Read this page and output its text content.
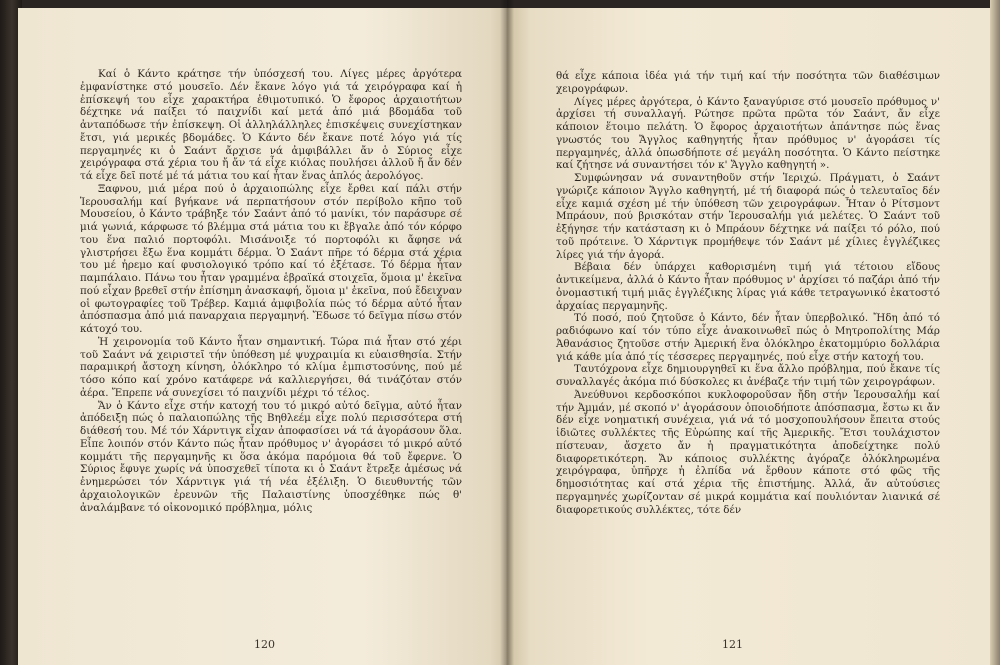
Καί ὁ Κάντο κράτησε τήν ὑπόσχεσή του. Λίγες μέρες ἀργότερα ἐμφανίστηκε στό μουσεῖο. Δέν ἔκανε λόγο γιά τά χειρόγραφα καί ἡ ἐπίσκεψή του εἶχε χαρακτήρα ἐθιμοτυπικό. Ὁ ἔφορος ἀρχαιοτήτων δέχτηκε νά παίξει τό παιχνίδι καί μετά ἀπό μιά βδομάδα τοῦ ἀνταπόδωσε τήν ἐπίσκεψη. Οἱ ἀλληλάλληλες ἐπισκέψεις συνεχίστηκαν ἔτσι, γιά μερικές βδομάδες. Ὁ Κάντο δέν ἔκανε ποτέ λόγο γιά τίς περγαμηνές κι ὁ Σαάντ ἄρχισε νά ἀμφιβάλλει ἄν ὁ Σύριος εἶχε χειρόγραφα στά χέρια του ἤ ἄν τά εἶχε κιόλας πουλήσει ἀλλοῦ ἤ ἄν δέν τά εἶχε δεῖ ποτέ μέ τά μάτια του καί ἦταν ἕνας ἁπλός ἀερολόγος.

Ξαφνου, μιά μέρα πού ὁ ἀρχαιοπώλης εἶχε ἔρθει καί πάλι στήν Ἱερουσαλήμ καί βγήκανε νά περπατήσουν στόν περίβολο κῆπο τοῦ Μουσείου, ὁ Κάντο τράβηξε τόν Σαάντ ἀπό τό μανίκι, τόν παράσυρε σέ μιά γωνιά, κάρφωσε τό βλέμμα στά μάτια του κι ἔβγαλε ἀπό τόν κόρφο του ἕνα παλιό πορτοφόλι. Μισάνοιξε τό πορτοφόλι κι ἄφησε νά γλιστρήσει ἔξω ἕνα κομμάτι δέρμα. Ὁ Σαάντ πῆρε τό δέρμα στά χέρια του μέ ἠρεμο καί φυσιολογικό τρόπο καί τό ἐξέτασε. Τό δέρμα ἦταν παμπάλαιο. Πάνω του ἦταν γραμμένα ἑβραϊκά στοιχεῖα, ὅμοια μ' ἐκεῖνα πού εἶχαν βρεθεῖ στήν ἐπίσημη ἀνασκαφή, ὅμοια μ' ἐκεῖνα, πού ἔδειχναν οἱ φωτογραφίες τοῦ Τρέβερ. Καμιά ἀμφιβολία πώς τό δέρμα αὐτό ἦταν ἀπόσπασμα ἀπό μιά παναρχαια περγαμηνή. Ἔδωσε τό δεῖγμα πίσω στόν κάτοχό του.

Ἡ χειρονομία τοῦ Κάντο ἦταν σημαντική. Τώρα πιά ἦταν στό χέρι τοῦ Σαάντ νά χειριστεῖ τήν ὑπόθεση μέ ψυχραιμία κι εὐαισθησία. Στήν παραμικρή ἄστοχη κίνηση, ὁλόκληρο τό κλίμα ἐμπιστοσύνης, πού μέ τόσο κόπο καί χρόνο κατάφερε νά καλλιεργήσει, θά τινάζόταν στόν ἀέρα. Ἔπρεπε νά συνεχίσει τό παιχνίδι μέχρι τό τέλος.

Ἄν ὁ Κάντο εἶχε στήν κατοχή του τό μικρό αὐτό δεῖγμα, αὐτό ἦταν ἀπόδειξη πώς ὁ παλαιοπώλης τῆς Βηθλεέμ εἶχε πολύ περισσότερα στή διάθεσή του. Μέ τόν Χάρντιγκ εἶχαν ἀποφασίσει νά τά ἀγοράσουν ὅλα. Εἶπε λοιπόν στόν Κάντο πώς ἦταν πρόθυμος ν' ἀγοράσει τό μικρό αὐτό κομμάτι τῆς περγαμηνῆς κι ὅσα ἀκόμα παρόμοια θά τοῦ ἔφερνε. Ὁ Σύριος ἔφυγε χωρίς νά ὑποσχεθεῖ τίποτα κι ὁ Σαάντ ἔτρεξε ἀμέσως νά ἐνημερώσει τόν Χάρντιγκ γιά τή νέα ἐξέλιξη. Ὁ διευθυντής τῶν ἀρχαιολογικῶν ἐρευνῶν τῆς Παλαιστίνης ὑποσχέθηκε πώς θ' ἀναλάμβανε τό οἰκονομικό πρόβλημα, μόλις

120

θά εἶχε κάποια ἰδέα γιά τήν τιμή καί τήν ποσότητα τῶν διαθέσιμων χειρογράφων.

Λίγες μέρες ἀργότερα, ὁ Κάντο ξαναγύρισε στό μουσεῖο πρόθυμος ν' ἀρχίσει τή συναλλαγή. Ρώτησε πρῶτα πρῶτα τόν Σαάντ, ἄν εἶχε κάποιον ἕτοιμο πελάτη. Ὁ ἔφορος ἀρχαιοτήτων ἀπάντησε πώς ἕνας γνωστός του Ἄγγλος καθηγητής ἦταν πρόθυμος ν' ἀγοράσει τίς περγαμηνές, ἀλλά ὁπωσδήποτε σέ μεγάλη ποσότητα. Ὁ Κάντο πείστηκε καί ζήτησε νά συναντήσει τόν κ' Ἄγγλο καθηγητή ».

Συμφώνησαν νά συναντηθοῦν στήν Ἱεριχώ. Πράγματι, ὁ Σαάντ γνώριζε κάποιον Ἄγγλο καθηγητή, μέ τή διαφορά πώς ὁ τελευταῖος δέν εἶχε καμιά σχέση μέ τήν ὑπόθεση τῶν χειρογράφων. Ἦταν ὁ Ρίτσμοντ Μπράουν, πού βρισκόταν στήν Ἱερουσαλήμ γιά μελέτες. Ὁ Σαάντ τοῦ ἐξήγησε τήν κατάσταση κι ὁ Μπράουν δέχτηκε νά παίξει τό ρόλο, πού τοῦ πρότεινε. Ὁ Χάρντιγκ προμήθεψε τόν Σαάντ μέ χίλιες ἐγγλέζικες λίρες γιά τήν ἀγορά.

Βέβαια δέν ὑπάρχει καθορισμένη τιμή γιά τέτοιου εἴδους ἀντικείμενα, ἀλλά ὁ Κάντο ἦταν πρόθυμος ν' ἀρχίσει τό παζάρι ἀπό τήν ὀνομαστική τιμή μιᾶς ἐγγλέζικης λίρας γιά κάθε τετραγωνικό ἑκατοστό ἀρχαίας περγαμηνῆς.

Τό ποσό, πού ζητοῦσε ὁ Κάντο, δέν ἦταν ὑπερβολικό. Ἤδη ἀπό τό ραδιόφωνο καί τόν τύπο εἶχε ἀνακοινωθεῖ πώς ὁ Μητροπολίτης Μάρ Ἀθανάσιος ζητοῦσε στήν Ἀμερική ἕνα ὁλόκληρο ἑκατομμύριο δολλάρια γιά κάθε μία ἀπό τίς τέσσερες περγαμηνές, πού εἶχε στήν κατοχή του.

Ταυτόχρονα εἶχε δημιουργηθεῖ κι ἕνα ἄλλο πρόβλημα, πού ἔκανε τίς συναλλαγές ἀκόμα πιό δύσκολες κι ἀνέβαζε τήν τιμή τῶν χειρογράφων.

Ἀνεύθυνοι κερδοσκόποι κυκλοφοροῦσαν ἤδη στήν Ἱερουσαλήμ καί τήν Ἀμμάν, μέ σκοπό ν' ἀγοράσουν ὁποιοδήποτε ἀπόσπασμα, ἔστω κι ἄν δέν εἶχε νοηματική συνέχεια, γιά νά τό μοσχοπουλήσουν ἔπειτα στούς ἰδιῶτες συλλέκτες τῆς Εὐρώπης καί τῆς Ἀμερικῆς. Ἔτσι τουλάχιστον πίστευαν, ἄσχετο ἄν ἡ πραγματικότητα ἀποδείχτηκε πολύ διαφορετικότερη. Ἄν κάποιος συλλέκτης ἀγόραζε ὁλόκληρωμένα χειρόγραφα, ὑπῆρχε ἡ ἐλπίδα νά ἔρθουν κάποτε στό φῶς τῆς δημοσιότητας καί στά χέρια τῆς ἐπιστήμης. Ἀλλά, ἄν αὐτούσιες περγαμηνές χωρίζονταν σέ μικρά κομμάτια καί πουλιόνταν λιανικά σέ διαφορετικούς συλλέκτες, τότε δέν

121
